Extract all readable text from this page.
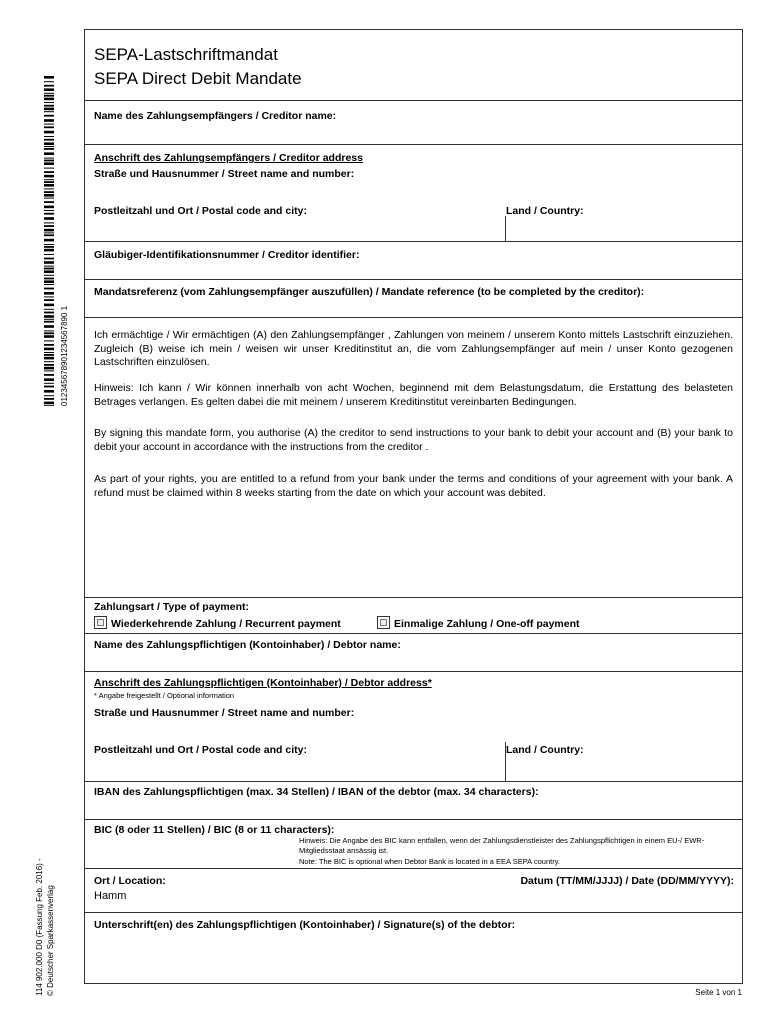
012345678901234567890 1
114 902.000 D0 (Fassung Feb. 2016) - © Deutscher Sparkassenverlag
SEPA-Lastschriftmandat
SEPA Direct Debit Mandate
Name des Zahlungsempfängers / Creditor name:
Anschrift des Zahlungsempfängers / Creditor address
Straße und Hausnummer / Street name and number:
Postleitzahl und Ort / Postal code and city:	Land / Country:
Gläubiger-Identifikationsnummer / Creditor identifier:
Mandatsreferenz (vom Zahlungsempfänger auszufüllen) / Mandate reference (to be completed by the creditor):
Ich ermächtige / Wir ermächtigen (A) den Zahlungsempfänger , Zahlungen von meinem / unserem Konto mittels Lastschrift einzuziehen. Zugleich (B) weise ich mein / weisen wir unser Kreditinstitut an, die vom Zahlungsempfänger auf mein / unser Konto gezogenen Lastschriften einzulösen.
Hinweis: Ich kann / Wir können innerhalb von acht Wochen, beginnend mit dem Belastungsdatum, die Erstattung des belasteten Betrages verlangen. Es gelten dabei die mit meinem / unserem Kreditinstitut vereinbarten Bedingungen.
By signing this mandate form, you authorise (A) the creditor to send instructions to your bank to debit your account and (B) your bank to debit your account in accordance with the instructions from the creditor .
As part of your rights, you are entitled to a refund from your bank under the terms and conditions of your agreement with your bank. A refund must be claimed within 8 weeks starting from the date on which your account was debited.
Zahlungsart / Type of payment:
Wiederkehrende Zahlung / Recurrent payment	Einmalige Zahlung / One-off payment
Name des Zahlungspflichtigen (Kontoinhaber) / Debtor name:
Anschrift des Zahlungspflichtigen (Kontoinhaber) / Debtor address*
* Angabe freigestellt / Optional information
Straße und Hausnummer / Street name and number:
Postleitzahl und Ort / Postal code and city:	Land / Country:
IBAN des Zahlungspflichtigen (max. 34 Stellen) / IBAN of the debtor (max. 34 characters):
BIC (8 oder 11 Stellen) / BIC (8 or 11 characters):
Hinweis: Die Angabe des BIC kann entfallen, wenn der Zahlungsdienstleister des Zahlungspflichtigen in einem EU-/ EWR-Mitgliedsstaat ansässig ist.
Note: The BIC is optional when Debtor Bank is located in a EEA SEPA country.
Ort / Location:
Hamm
Datum (TT/MM/JJJJ) / Date (DD/MM/YYYY):
Unterschrift(en) des Zahlungspflichtigen (Kontoinhaber) / Signature(s) of the debtor:
Seite 1 von 1
